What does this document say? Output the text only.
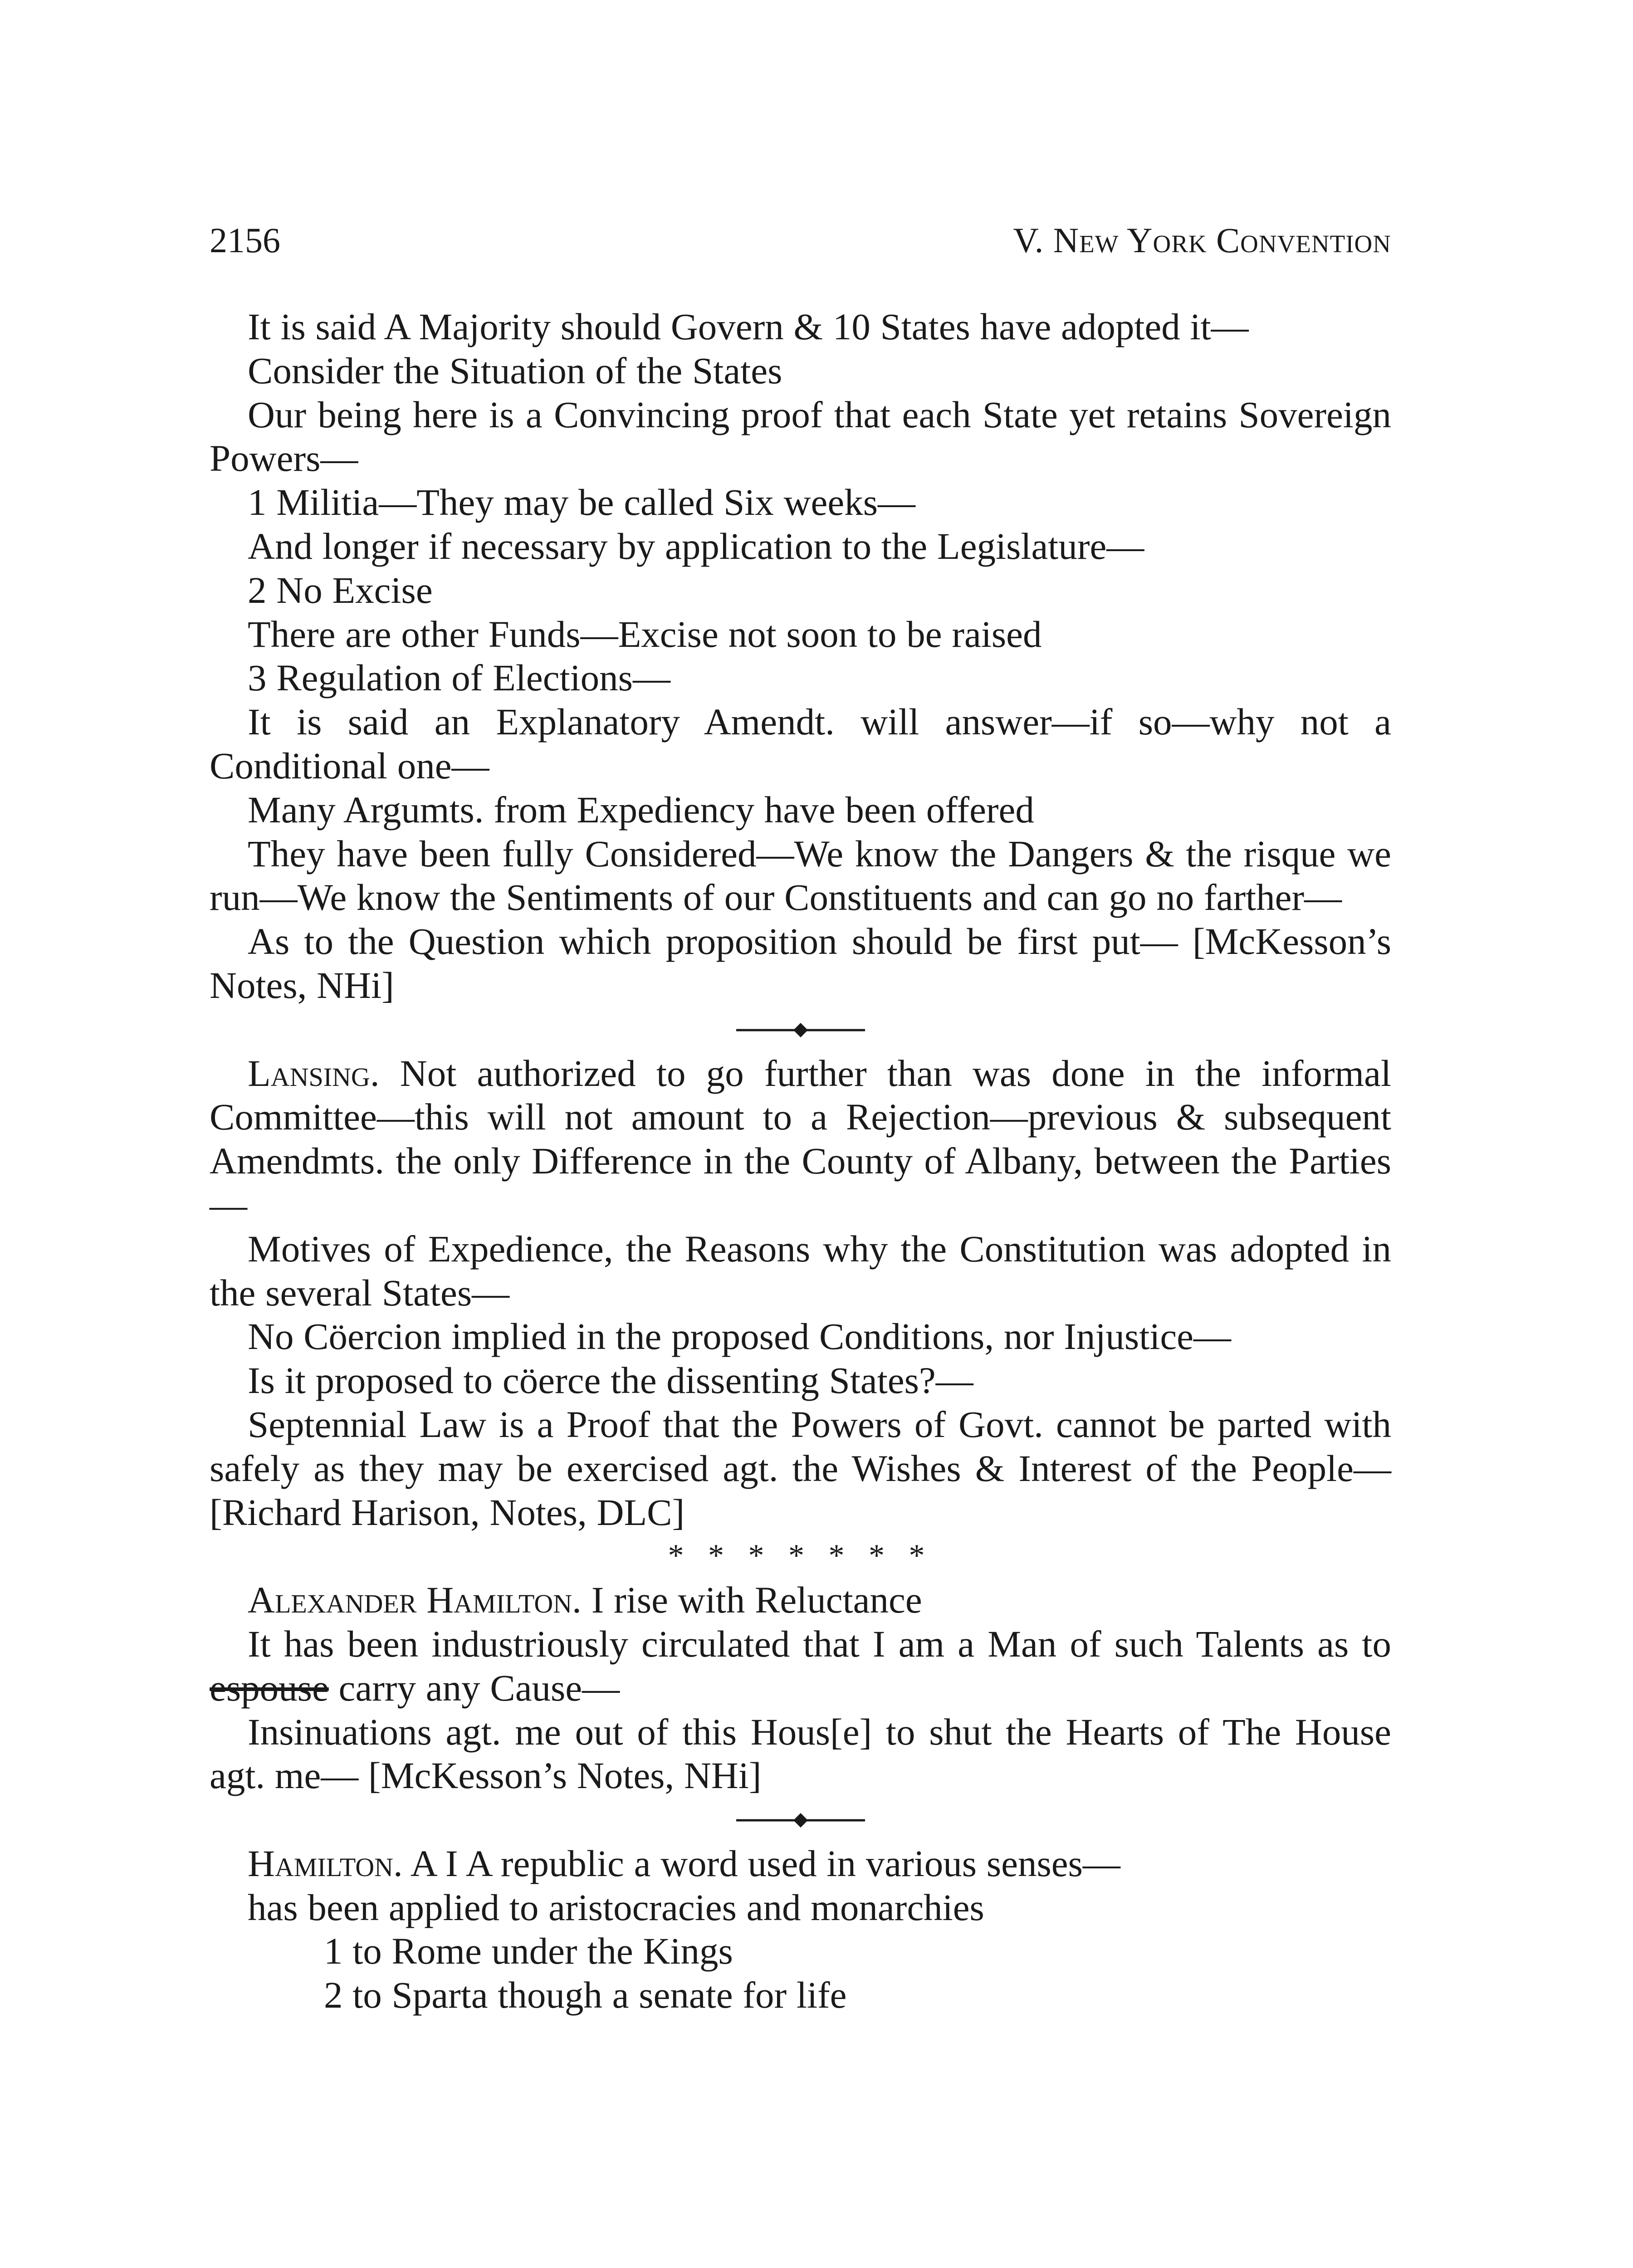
2156	V. New York Convention

It is said A Majority should Govern & 10 States have adopted it—

Consider the Situation of the States

Our being here is a Convincing proof that each State yet retains Sovereign Powers—

1 Militia—They may be called Six weeks—

And longer if necessary by application to the Legislature—

2 No Excise

There are other Funds—Excise not soon to be raised

3 Regulation of Elections—

It is said an Explanatory Amendt. will answer—if so—why not a Conditional one—

Many Argumts. from Expediency have been offered

They have been fully Considered—We know the Dangers & the risque we run—We know the Sentiments of our Constituents and can go no farther—

As to the Question which proposition should be first put— [McKesson’s Notes, NHi]

Lansing. Not authorized to go further than was done in the informal Committee—this will not amount to a Rejection—previous & subsequent Amendmts. the only Difference in the County of Albany, between the Parties—

Motives of Expedience, the Reasons why the Constitution was adopted in the several States—

No Cöercion implied in the proposed Conditions, nor Injustice—

Is it proposed to cöerce the dissenting States?—

Septennial Law is a Proof that the Powers of Govt. cannot be parted with safely as they may be exercised agt. the Wishes & Interest of the People— [Richard Harison, Notes, DLC]

* * * * * * *

Alexander Hamilton. I rise with Reluctance

It has been industriously circulated that I am a Man of such Talents as to espouse carry any Cause—

Insinuations agt. me out of this Hous[e] to shut the Hearts of The House agt. me— [McKesson’s Notes, NHi]

Hamilton. A I A republic a word used in various senses—

has been applied to aristocracies and monarchies

1 to Rome under the Kings

2 to Sparta though a senate for life
